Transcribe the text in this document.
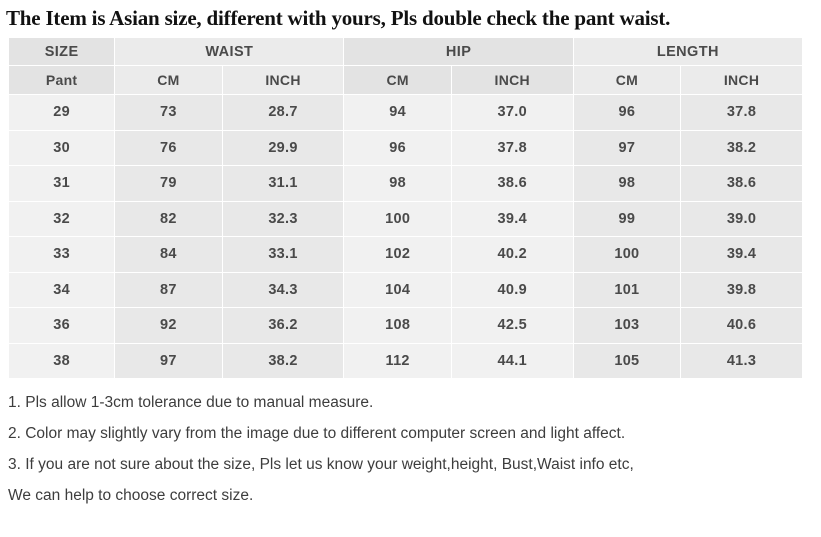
The Item is Asian size, different with yours, Pls double check the pant waist.
SIZE	WAIST		HIP		LENGTH	
Pant	CM	INCH	CM	INCH	CM	INCH
29	73	28.7	94	37.0	96	37.8
30	76	29.9	96	37.8	97	38.2
31	79	31.1	98	38.6	98	38.6
32	82	32.3	100	39.4	99	39.0
33	84	33.1	102	40.2	100	39.4
34	87	34.3	104	40.9	101	39.8
36	92	36.2	108	42.5	103	40.6
38	97	38.2	112	44.1	105	41.3
1. Pls allow 1-3cm tolerance due to manual measure.
2. Color may slightly vary from the image due to different computer screen and light affect.
3. If you are not sure about the size, Pls let us know your weight,height, Bust,Waist info etc,
We can help to choose correct size.
